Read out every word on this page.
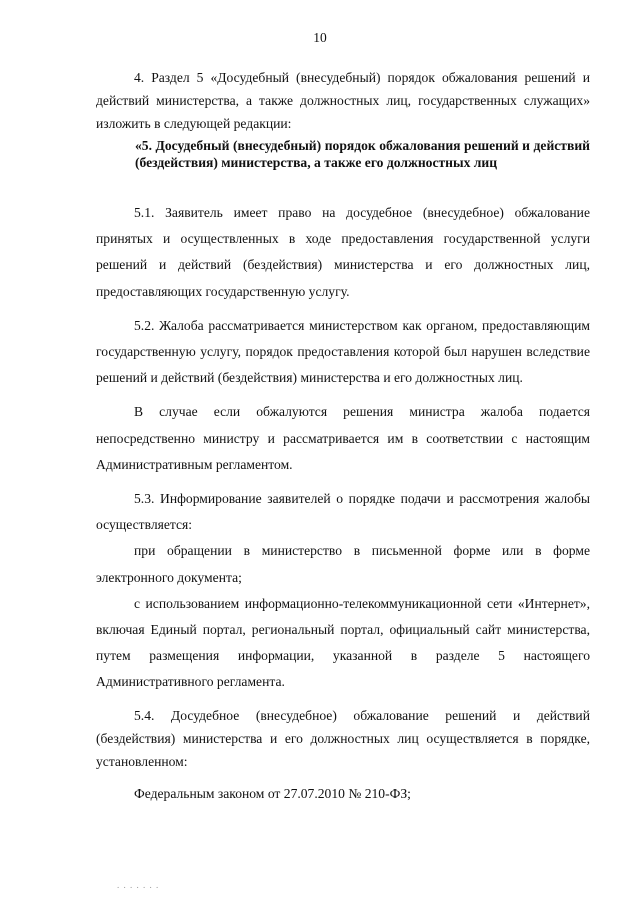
10

4. Раздел 5 «Досудебный (внесудебный) порядок обжалования решений и действий министерства, а также должностных лиц, государственных служащих» изложить в следующей редакции:

«5. Досудебный (внесудебный) порядок обжалования решений и действий (бездействия) министерства, а также его должностных лиц

5.1. Заявитель имеет право на досудебное (внесудебное) обжалование принятых и осуществленных в ходе предоставления государственной услуги решений и действий (бездействия) министерства и его должностных лиц, предоставляющих государственную услугу.

5.2. Жалоба рассматривается министерством как органом, предоставляющим государственную услугу, порядок предоставления которой был нарушен вследствие решений и действий (бездействия) министерства и его должностных лиц.

В случае если обжалуются решения министра жалоба подается непосредственно министру и рассматривается им в соответствии с настоящим Административным регламентом.

5.3. Информирование заявителей о порядке подачи и рассмотрения жалобы осуществляется:

при обращении в министерство в письменной форме или в форме электронного документа;

с использованием информационно-телекоммуникационной сети «Интернет», включая Единый портал, региональный портал, официальный сайт министерства, путем размещения информации, указанной в разделе 5 настоящего Административного регламента.

5.4. Досудебное (внесудебное) обжалование решений и действий (бездействия) министерства и его должностных лиц осуществляется в порядке, установленном:

Федеральным законом от 27.07.2010 № 210-ФЗ;

. . . . . . .
